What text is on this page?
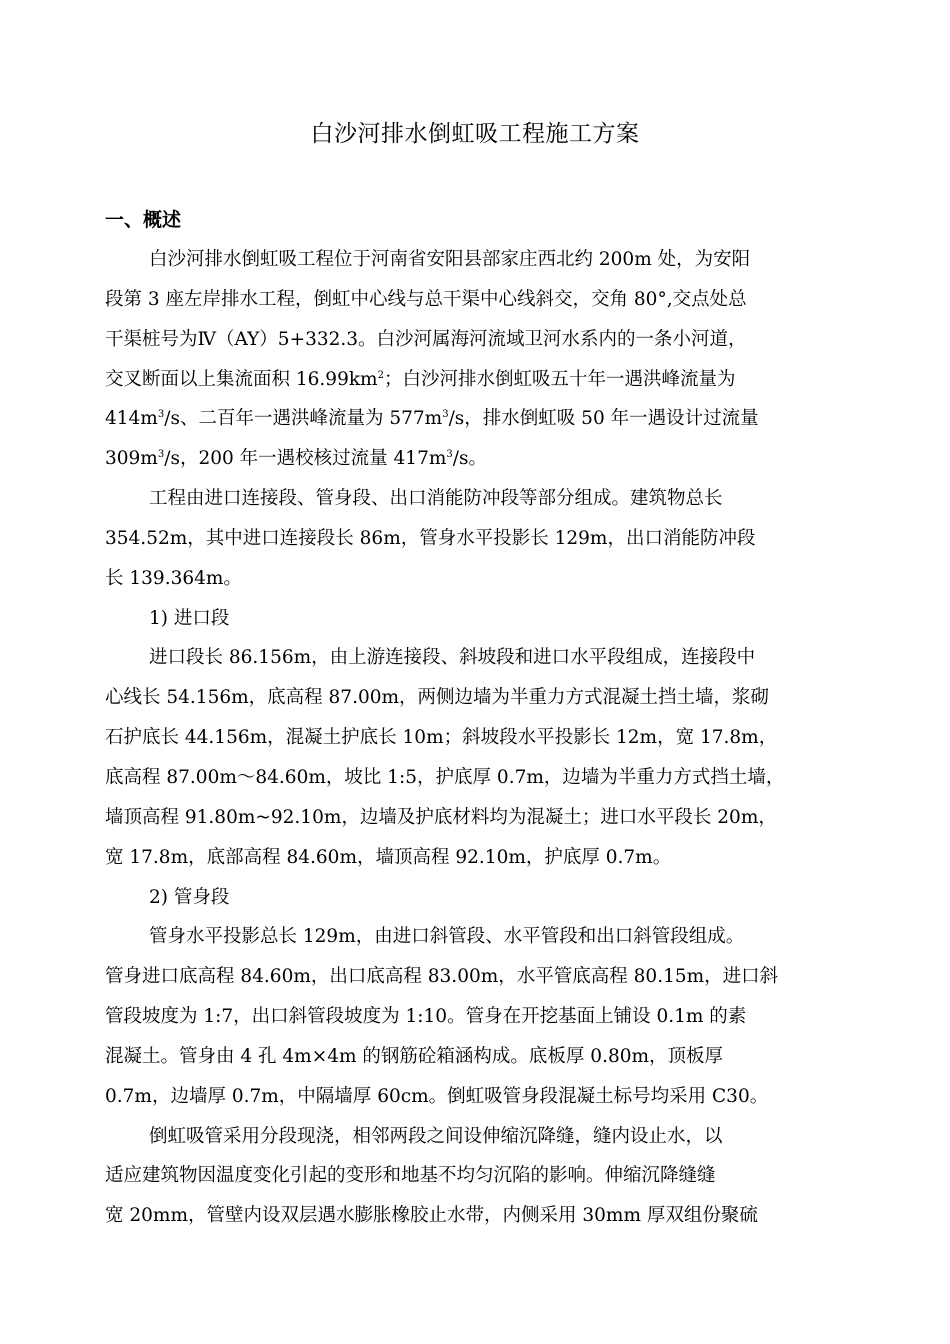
白沙河排水倒虹吸工程施工方案
一、概述
白沙河排水倒虹吸工程位于河南省安阳县部家庄西北约 200m 处，为安阳
段第 3 座左岸排水工程，倒虹中心线与总干渠中心线斜交，交角 80°,交点处总
干渠桩号为Ⅳ（AY）5+332.3。白沙河属海河流域卫河水系内的一条小河道，
交叉断面以上集流面积 $16.99km^2$；白沙河排水倒虹吸五十年一遇洪峰流量为
$414m^3/s$、二百年一遇洪峰流量为 $577m^3/s$，排水倒虹吸 50 年一遇设计过流量
$309m^3/s$，200 年一遇校核过流量 $417m^3/s$。
工程由进口连接段、管身段、出口消能防冲段等部分组成。建筑物总长
354.52m，其中进口连接段长 86m，管身水平投影长 129m，出口消能防冲段
长 139.364m。
1) 进口段
进口段长 86.156m，由上游连接段、斜坡段和进口水平段组成，连接段中
心线长 54.156m，底高程 87.00m，两侧边墙为半重力方式混凝土挡土墙，浆砌
石护底长 44.156m，混凝土护底长 10m；斜坡段水平投影长 12m，宽 17.8m，
底高程 87.00m～84.60m，坡比 1:5，护底厚 0.7m，边墙为半重力方式挡土墙，
墙顶高程 91.80m~92.10m，边墙及护底材料均为混凝土；进口水平段长 20m，
宽 17.8m，底部高程 84.60m，墙顶高程 92.10m，护底厚 0.7m。
2) 管身段
管身水平投影总长 129m，由进口斜管段、水平管段和出口斜管段组成。
管身进口底高程 84.60m，出口底高程 83.00m，水平管底高程 80.15m，进口斜
管段坡度为 1:7，出口斜管段坡度为 1:10。管身在开挖基面上铺设 0.1m 的素
混凝土。管身由 4 孔 4m×4m 的钢筋砼箱涵构成。底板厚 0.80m，顶板厚
0.7m，边墙厚 0.7m，中隔墙厚 60cm。倒虹吸管身段混凝土标号均采用 C30。
倒虹吸管采用分段现浇，相邻两段之间设伸缩沉降缝，缝内设止水，以
适应建筑物因温度变化引起的变形和地基不均匀沉陷的影响。伸缩沉降缝缝
宽 20mm，管壁内设双层遇水膨胀橡胶止水带，内侧采用 30mm 厚双组份聚硫
